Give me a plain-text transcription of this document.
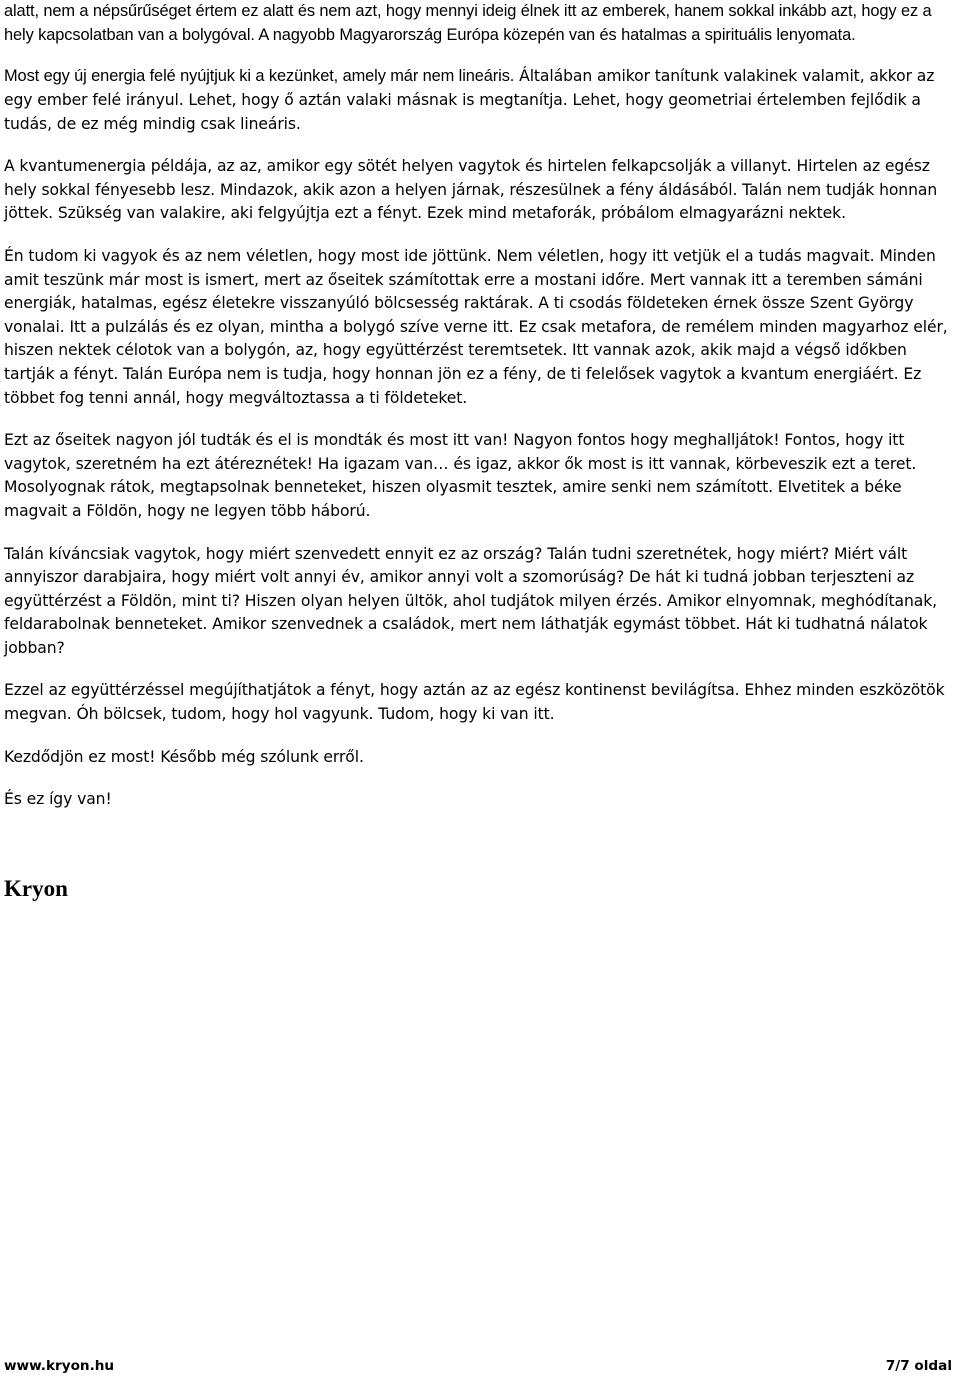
alatt, nem a népsűrűséget értem ez alatt és nem azt, hogy mennyi ideig élnek itt az emberek, hanem sokkal inkább azt, hogy ez a hely kapcsolatban van a bolygóval. A nagyobb Magyarország Európa közepén van és hatalmas a spirituális lenyomata.

Most egy új energia felé nyújtjuk ki a kezünket, amely már nem lineáris. Általában amikor tanítunk valakinek valamit, akkor az egy ember felé irányul. Lehet, hogy ő aztán valaki másnak is megtanítja. Lehet, hogy geometriai értelemben fejlődik a tudás, de ez még mindig csak lineáris.

A kvantumenergia példája, az az, amikor egy sötét helyen vagytok és hirtelen felkapcsolják a villanyt. Hirtelen az egész hely sokkal fényesebb lesz. Mindazok, akik azon a helyen járnak, részesülnek a fény áldásából. Talán nem tudják honnan jöttek. Szükség van valakire, aki felgyújtja ezt a fényt. Ezek mind metaforák, próbálom elmagyarázni nektek.

Én tudom ki vagyok és az nem véletlen, hogy most ide jöttünk. Nem véletlen, hogy itt vetjük el a tudás magvait. Minden amit teszünk már most is ismert, mert az őseitek számítottak erre a mostani időre. Mert vannak itt a teremben sámáni energiák, hatalmas, egész életekre visszanyúló bölcsesség raktárak. A ti csodás földeteken érnek össze Szent György vonalai. Itt a pulzálás és ez olyan, mintha a bolygó szíve verne itt. Ez csak metafora, de remélem minden magyarhoz elér, hiszen nektek célotok van a bolygón, az, hogy együttérzést teremtsetek. Itt vannak azok, akik majd a végső időkben tartják a fényt. Talán Európa nem is tudja, hogy honnan jön ez a fény, de ti felelősek vagytok a kvantum energiáért. Ez többet fog tenni annál, hogy megváltoztassa a ti földeteket.

Ezt az őseitek nagyon jól tudták és el is mondták és most itt van! Nagyon fontos hogy meghalljátok! Fontos, hogy itt vagytok, szeretném ha ezt átéreznétek! Ha igazam van… és igaz, akkor ők most is itt vannak, körbeveszik ezt a teret. Mosolyognak rátok, megtapsolnak benneteket, hiszen olyasmit tesztek, amire senki nem számított. Elvetitek a béke magvait a Földön, hogy ne legyen több háború.

Talán kíváncsiak vagytok, hogy miért szenvedett ennyit ez az ország? Talán tudni szeretnétek, hogy miért? Miért vált annyiszor darabjaira, hogy miért volt annyi év, amikor annyi volt a szomorúság? De hát ki tudná jobban terjeszteni az együttérzést a Földön, mint ti? Hiszen olyan helyen ültök, ahol tudjátok milyen érzés. Amikor elnyomnak, meghódítanak, feldarabolnak benneteket. Amikor szenvednek a családok, mert nem láthatják egymást többet. Hát ki tudhatná nálatok jobban?

Ezzel az együttérzéssel megújíthatjátok a fényt, hogy aztán az az egész kontinenst bevilágítsa. Ehhez minden eszközötök megvan. Óh bölcsek, tudom, hogy hol vagyunk. Tudom, hogy ki van itt.

Kezdődjön ez most! Később még szólunk erről.

És ez így van!

Kryon

www.kryon.hu	7/7 oldal
